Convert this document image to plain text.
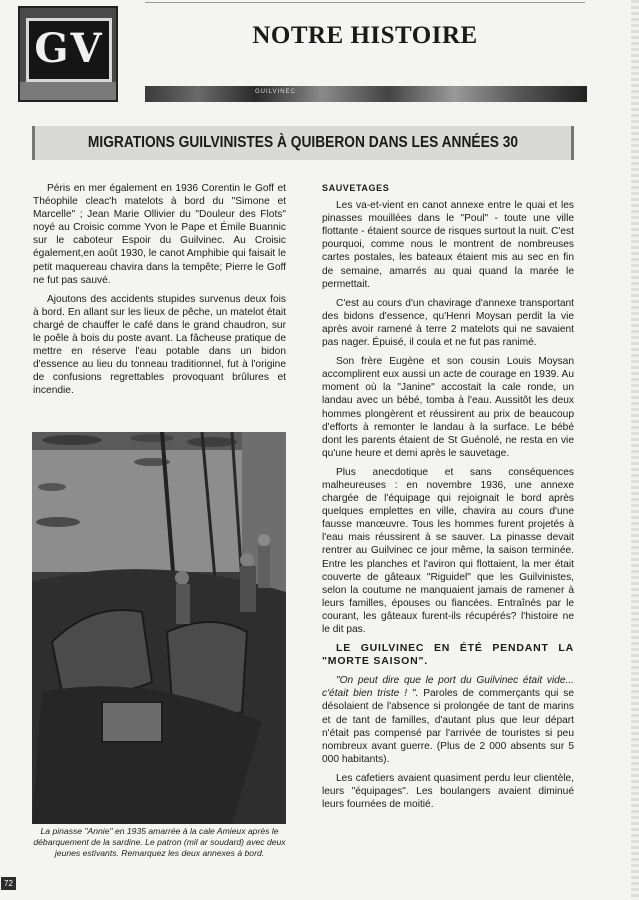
GV	NOTRE HISTOIRE
GUILVINEC
MIGRATIONS GUILVINISTES À QUIBERON DANS LES ANNÉES 30

Péris en mer également en 1936 Corentin le Goff et Théophile cleac'h matelots à bord du "Simone et Marcelle" ; Jean Marie Ollivier du "Douleur des Flots" noyé au Croisic comme Yvon le Pape et Émile Buannic sur le caboteur Espoir du Guilvinec. Au Croisic également,en août 1930, le canot Amphibie qui faisait le petit maquereau chavira dans la tempête; Pierre le Goff ne fut pas sauvé.

Ajoutons des accidents stupides survenus deux fois à bord. En allant sur les lieux de pêche, un matelot était chargé de chauffer le café dans le grand chaudron, sur le poêle à bois du poste avant. La fâcheuse pratique de mettre en réserve l'eau potable dans un bidon d'essence au lieu du tonneau traditionnel, fut à l'origine de confusions regrettables provoquant brûlures et incendie.

La pinasse "Annie" en 1935 amarrée à la cale Amieux après le débarquement de la sardine. Le patron (mil ar soudard) avec deux jeunes estivants. Remarquez les deux annexes à bord.
SAUVETAGES

Les va-et-vient en canot annexe entre le quai et les pinasses mouillées dans le "Poul" - toute une ville flottante - étaient source de risques surtout la nuit. C'est pourquoi, comme nous le montrent de nombreuses cartes postales, les bateaux étaient mis au sec en fin de semaine, amarrés au quai quand la marée le permettait.

C'est au cours d'un chavirage d'annexe transportant des bidons d'essence, qu'Henri Moysan perdit la vie après avoir ramené à terre 2 matelots qui ne savaient pas nager. Épuisé, il coula et ne fut pas ranimé.

Son frère Eugène et son cousin Louis Moysan accomplirent eux aussi un acte de courage en 1939. Au moment où la "Janine" accostait la cale ronde, un landau avec un bébé, tomba à l'eau. Aussitôt les deux hommes plongèrent et réussirent au prix de beaucoup d'efforts à remonter le landau à la surface. Le bébé dont les parents étaient de St Guénolé, ne resta en vie qu'une heure et demi après le sauvetage.

Plus anecdotique et sans conséquences malheureuses : en novembre 1936, une annexe chargée de l'équipage qui rejoignait le bord après quelques emplettes en ville, chavira au cours d'une fausse manœuvre. Tous les hommes furent projetés à l'eau mais réussirent à se sauver. La pinasse devait rentrer au Guilvinec ce jour même, la saison terminée. Entre les planches et l'aviron qui flottaient, la mer était couverte de gâteaux "Riguidel" que les Guilvinistes, selon la coutume ne manquaient jamais de ramener à leurs familles, épouses ou fiancées. Entraînés par le courant, les gâteaux furent-ils récupérés? l'histoire ne le dit pas.

LE GUILVINEC EN ÉTÉ PENDANT LA "MORTE SAISON".

"On peut dire que le port du Guilvinec était vide... c'était bien triste ! ". Paroles de commerçants qui se désolaient de l'absence si prolongée de tant de marins et de tant de familles, d'autant plus que leur départ n'était pas compensé par l'arrivée de touristes si peu nombreux avant guerre. (Plus de 2 000 absents sur 5 000 habitants).

Les cafetiers avaient quasiment perdu leur clientèle, leurs "équipages". Les boulangers avaient diminué leurs fournées de moitié.

72
